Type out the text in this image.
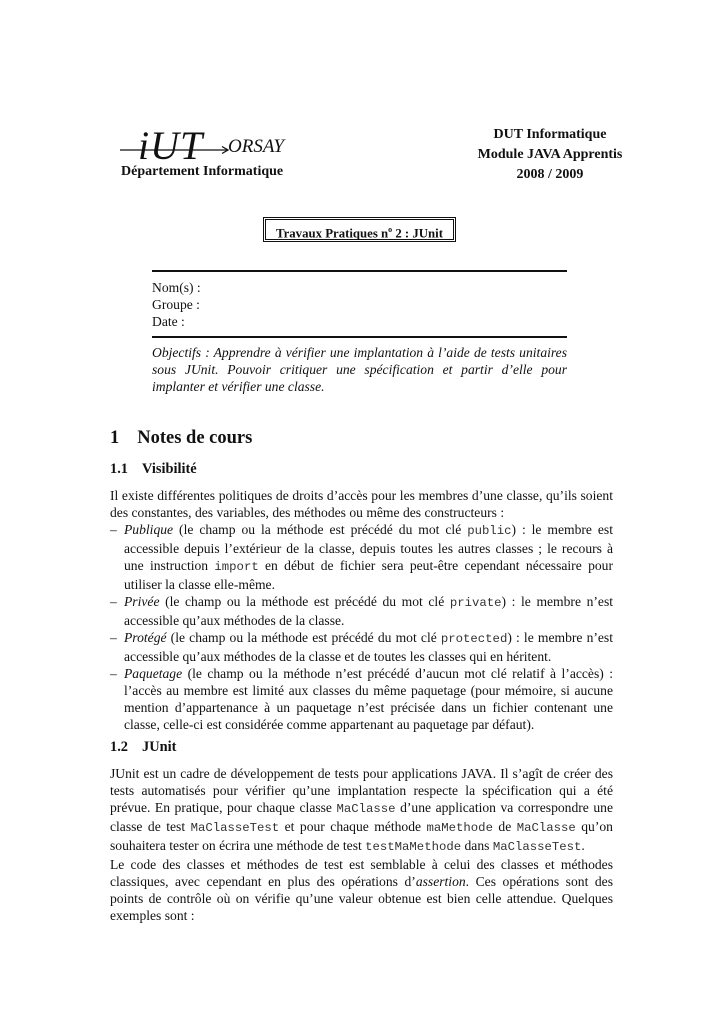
iUT ORSAY
Département Informatique
DUT Informatique
Module JAVA Apprentis
2008 / 2009
Travaux Pratiques $n^o$ 2 : JUnit
Nom(s) :
Groupe :
Date :
Objectifs : Apprendre à vérifier une implantation à l’aide de tests unitaires sous JUnit. Pouvoir critiquer une spécification et partir d’elle pour implanter et vérifier une classe.
1 Notes de cours
1.1 Visibilité
Il existe différentes politiques de droits d’accès pour les membres d’une classe, qu’ils soient des constantes, des variables, des méthodes ou même des constructeurs :
– Publique (le champ ou la méthode est précédé du mot clé public) : le membre est accessible depuis l’extérieur de la classe, depuis toutes les autres classes ; le recours à une instruction import en début de fichier sera peut-être cependant nécessaire pour utiliser la classe elle-même.
– Privée (le champ ou la méthode est précédé du mot clé private) : le membre n’est accessible qu’aux méthodes de la classe.
– Protégé (le champ ou la méthode est précédé du mot clé protected) : le membre n’est accessible qu’aux méthodes de la classe et de toutes les classes qui en héritent.
– Paquetage (le champ ou la méthode n’est précédé d’aucun mot clé relatif à l’accès) : l’accès au membre est limité aux classes du même paquetage (pour mémoire, si aucune mention d’appartenance à un paquetage n’est précisée dans un fichier contenant une classe, celle-ci est considérée comme appartenant au paquetage par défaut).
1.2 JUnit
JUnit est un cadre de développement de tests pour applications JAVA. Il s’agît de créer des tests automatisés pour vérifier qu’une implantation respecte la spécification qui a été prévue. En pratique, pour chaque classe MaClasse d’une application va correspondre une classe de test MaClasseTest et pour chaque méthode maMethode de MaClasse qu’on souhaitera tester on écrira une méthode de test testMaMethode dans MaClasseTest.
Le code des classes et méthodes de test est semblable à celui des classes et méthodes classiques, avec cependant en plus des opérations d’assertion. Ces opérations sont des points de contrôle où on vérifie qu’une valeur obtenue est bien celle attendue. Quelques exemples sont :
